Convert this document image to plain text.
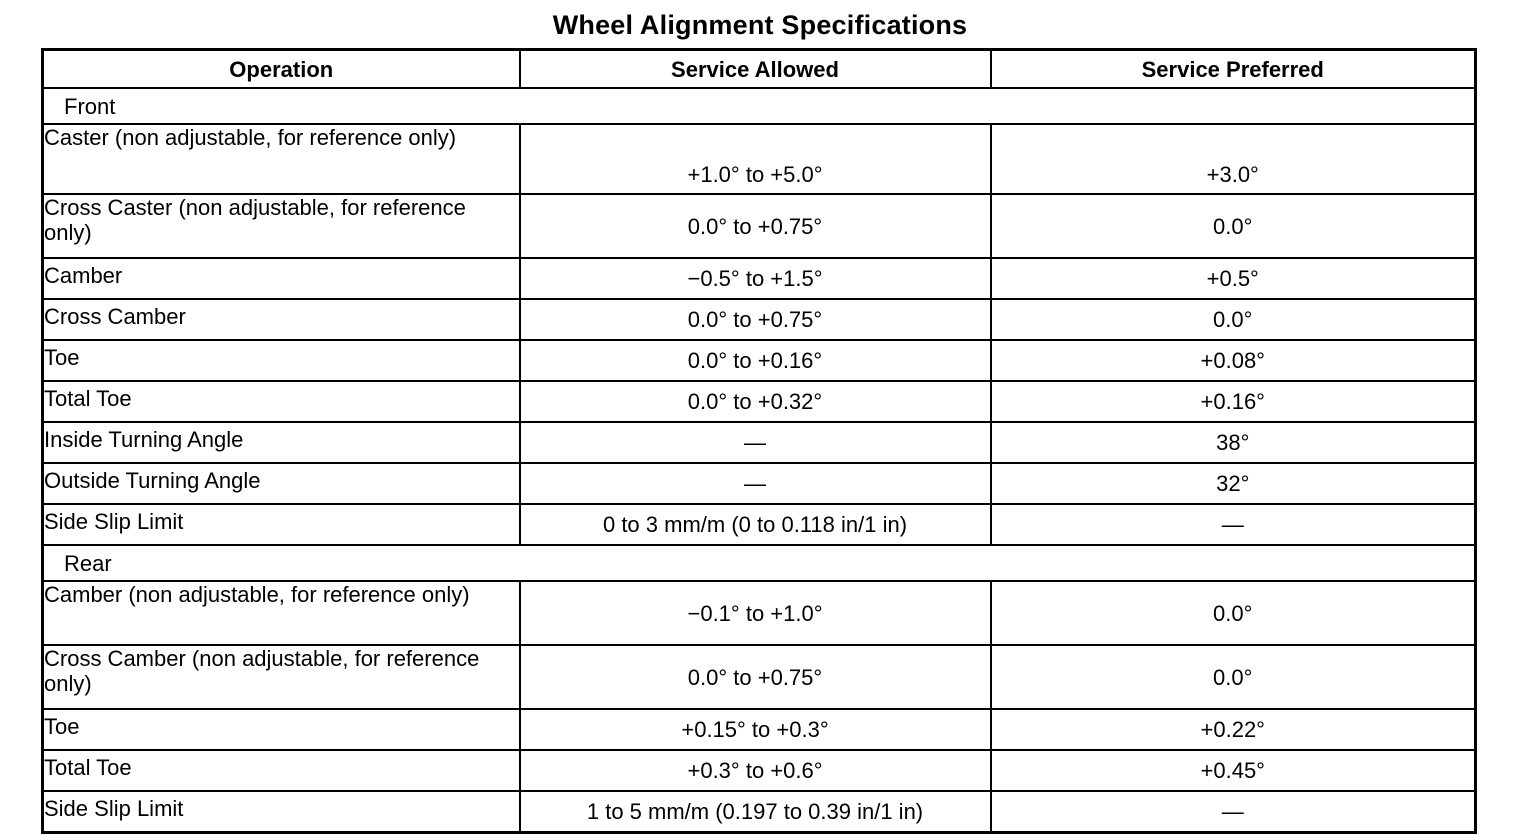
Wheel Alignment Specifications
Operation	Service Allowed	Service Preferred
Front		
Caster (non adjustable, for reference only)	+1.0° to +5.0°	+3.0°
Cross Caster (non adjustable, for reference only)	0.0° to +0.75°	0.0°
Camber	−0.5° to +1.5°	+0.5°
Cross Camber	0.0° to +0.75°	0.0°
Toe	0.0° to +0.16°	+0.08°
Total Toe	0.0° to +0.32°	+0.16°
Inside Turning Angle	—	38°
Outside Turning Angle	—	32°
Side Slip Limit	0 to 3 mm/m (0 to 0.118 in/1 in)	—
Rear		
Camber (non adjustable, for reference only)	−0.1° to +1.0°	0.0°
Cross Camber (non adjustable, for reference only)	0.0° to +0.75°	0.0°
Toe	+0.15° to +0.3°	+0.22°
Total Toe	+0.3° to +0.6°	+0.45°
Side Slip Limit	1 to 5 mm/m (0.197 to 0.39 in/1 in)	—
